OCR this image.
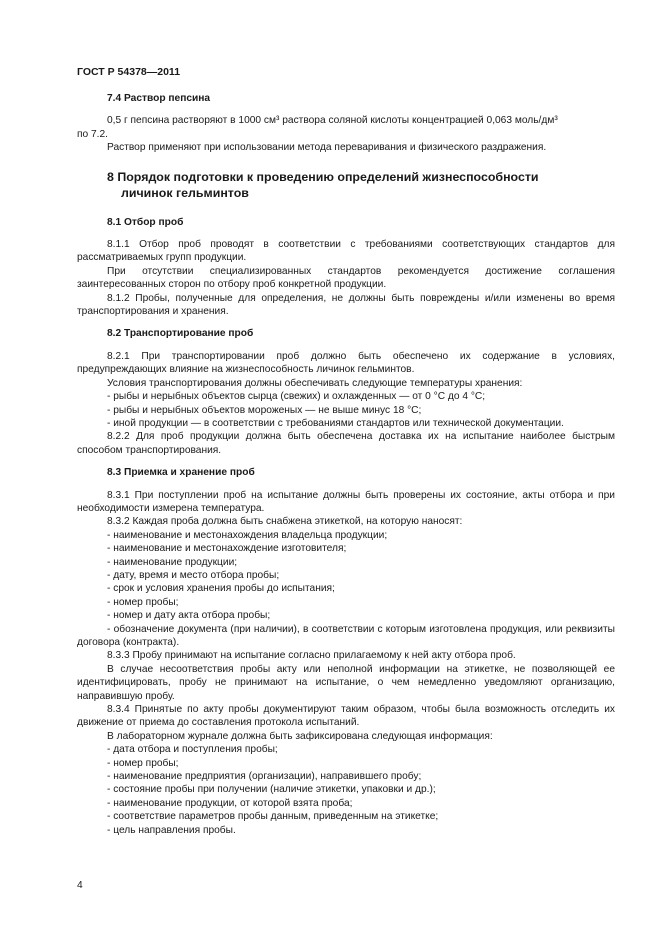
ГОСТ Р 54378—2011
7.4 Раствор пепсина

0,5 г пепсина растворяют в 1000 см³ раствора соляной кислоты концентрацией 0,063 моль/дм³

по 7.2.

Раствор применяют при использовании метода переваривания и физического раздражения.

8 Порядок подготовки к проведению определений жизнеспособности
личинок гельминтов
8.1 Отбор проб

8.1.1 Отбор проб проводят в соответствии с требованиями соответствующих стандартов для рассматриваемых групп продукции.

При отсутствии специализированных стандартов рекомендуется достижение соглашения заинтересованных сторон по отбору проб конкретной продукции.

8.1.2 Пробы, полученные для определения, не должны быть повреждены и/или изменены во время транспортирования и хранения.

8.2 Транспортирование проб

8.2.1 При транспортировании проб должно быть обеспечено их содержание в условиях, предупреждающих влияние на жизнеспособность личинок гельминтов.

Условия транспортирования должны обеспечивать следующие температуры хранения:

- рыбы и нерыбных объектов сырца (свежих) и охлажденных — от 0 °С до 4 °С;

- рыбы и нерыбных объектов мороженых — не выше минус 18 °С;

- иной продукции — в соответствии с требованиями стандартов или технической документации.

8.2.2 Для проб продукции должна быть обеспечена доставка их на испытание наиболее быстрым способом транспортирования.

8.3 Приемка и хранение проб

8.3.1 При поступлении проб на испытание должны быть проверены их состояние, акты отбора и при необходимости измерена температура.

8.3.2 Каждая проба должна быть снабжена этикеткой, на которую наносят:

- наименование и местонахождения владельца продукции;

- наименование и местонахождение изготовителя;

- наименование продукции;

- дату, время и место отбора пробы;

- срок и условия хранения пробы до испытания;

- номер пробы;

- номер и дату акта отбора пробы;

- обозначение документа (при наличии), в соответствии с которым изготовлена продукция, или реквизиты договора (контракта).

8.3.3 Пробу принимают на испытание согласно прилагаемому к ней акту отбора проб.

В случае несоответствия пробы акту или неполной информации на этикетке, не позволяющей ее идентифицировать, пробу не принимают на испытание, о чем немедленно уведомляют организацию, направившую пробу.

8.3.4 Принятые по акту пробы документируют таким образом, чтобы была возможность отследить их движение от приема до составления протокола испытаний.

В лабораторном журнале должна быть зафиксирована следующая информация:

- дата отбора и поступления пробы;

- номер пробы;

- наименование предприятия (организации), направившего пробу;

- состояние пробы при получении (наличие этикетки, упаковки и др.);

- наименование продукции, от которой взята проба;

- соответствие параметров пробы данным, приведенным на этикетке;

- цель направления пробы.

4
